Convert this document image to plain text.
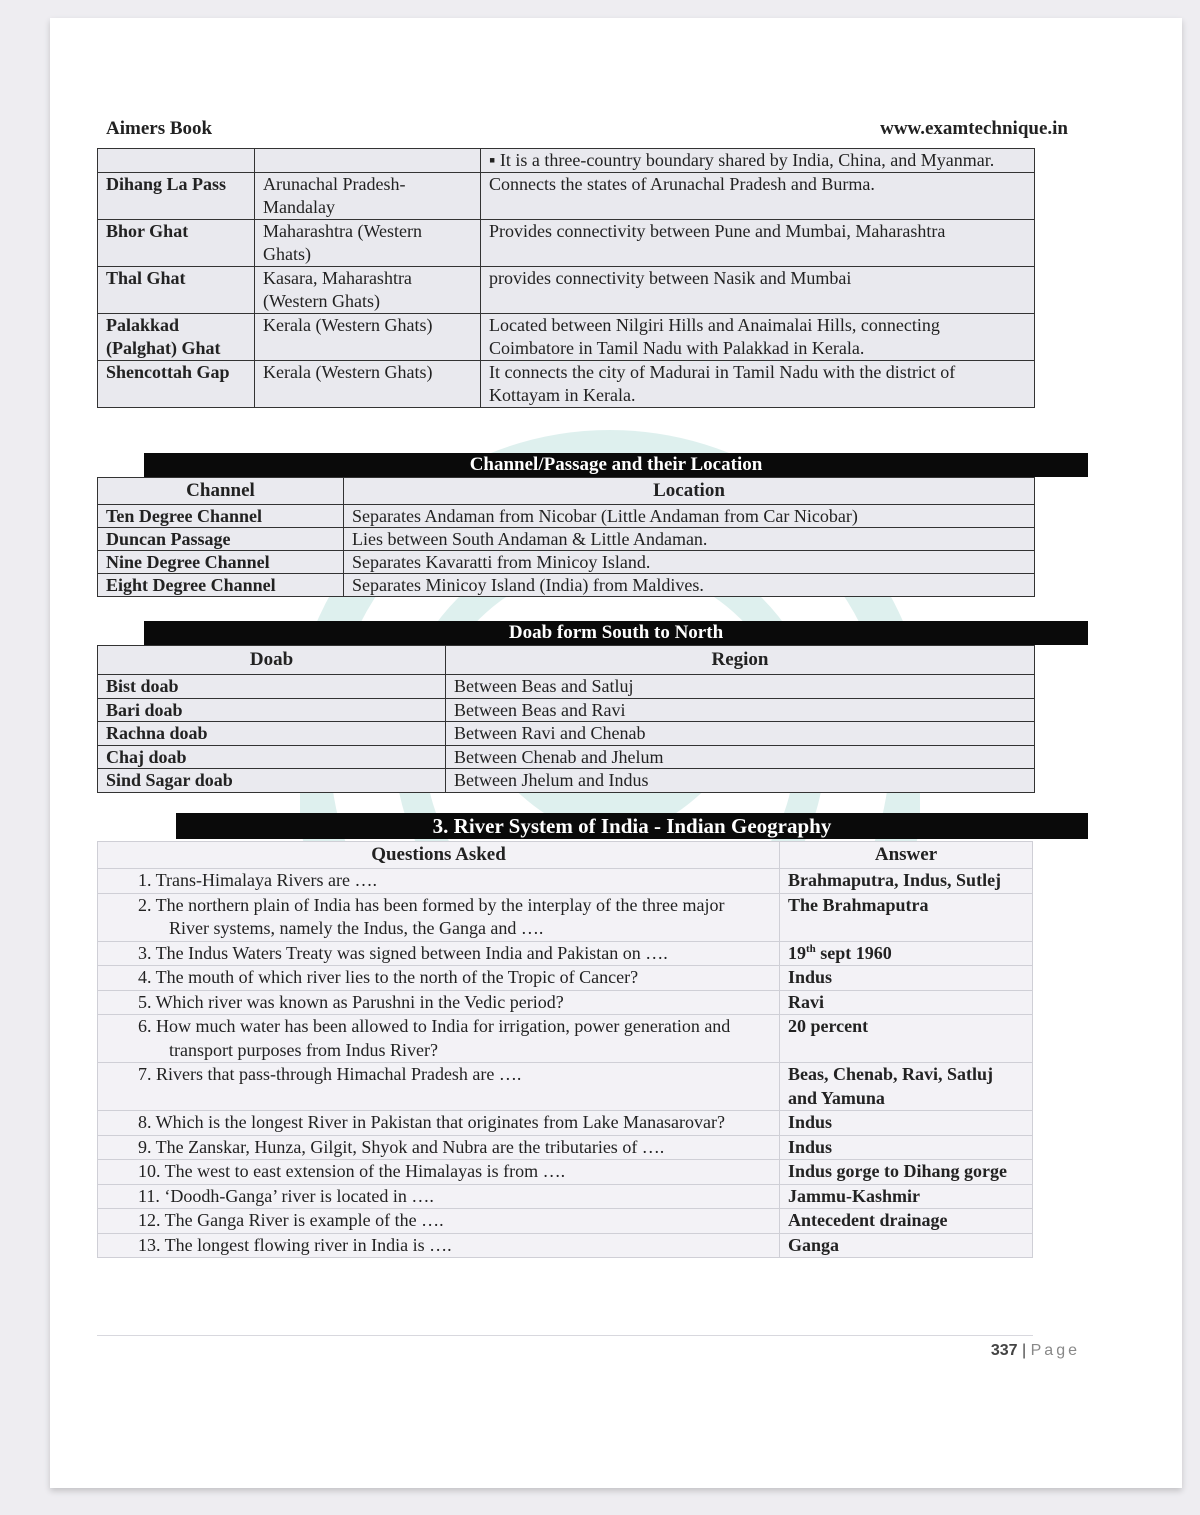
Aimers Book	www.examtechnique.in
		▪ It is a three-country boundary shared by India, China, and Myanmar.
Dihang La Pass	Arunachal Pradesh-Mandalay	Connects the states of Arunachal Pradesh and Burma.
Bhor Ghat	Maharashtra (Western Ghats)	Provides connectivity between Pune and Mumbai, Maharashtra
Thal Ghat	Kasara, Maharashtra (Western Ghats)	provides connectivity between Nasik and Mumbai
Palakkad (Palghat) Ghat	Kerala (Western Ghats)	Located between Nilgiri Hills and Anaimalai Hills, connecting Coimbatore in Tamil Nadu with Palakkad in Kerala.
Shencottah Gap	Kerala (Western Ghats)	It connects the city of Madurai in Tamil Nadu with the district of Kottayam in Kerala.
Channel/Passage and their Location
Channel	Location
Ten Degree Channel	Separates Andaman from Nicobar (Little Andaman from Car Nicobar)
Duncan Passage	Lies between South Andaman & Little Andaman.
Nine Degree Channel	Separates Kavaratti from Minicoy Island.
Eight Degree Channel	Separates Minicoy Island (India) from Maldives.
Doab form South to North
Doab	Region
Bist doab	Between Beas and Satluj
Bari doab	Between Beas and Ravi
Rachna doab	Between Ravi and Chenab
Chaj doab	Between Chenab and Jhelum
Sind Sagar doab	Between Jhelum and Indus
3. River System of India - Indian Geography
Questions Asked	Answer

1. Trans-Himalaya Rivers are ….	Brahmaputra, Indus, Sutlej

2. The northern plain of India has been formed by the interplay of the three major River systems, namely the Indus, the Ganga and ….	The Brahmaputra

3. The Indus Waters Treaty was signed between India and Pakistan on ….	19th sept 1960

4. The mouth of which river lies to the north of the Tropic of Cancer?	Indus

5. Which river was known as Parushni in the Vedic period?	Ravi

6. How much water has been allowed to India for irrigation, power generation and transport purposes from Indus River?	20 percent

7. Rivers that pass-through Himachal Pradesh are ….	Beas, Chenab, Ravi, Satluj and Yamuna

8. Which is the longest River in Pakistan that originates from Lake Manasarovar?	Indus

9. The Zanskar, Hunza, Gilgit, Shyok and Nubra are the tributaries of ….	Indus

10. The west to east extension of the Himalayas is from ….	Indus gorge to Dihang gorge

11. ‘Doodh-Ganga’ river is located in ….	Jammu-Kashmir

12. The Ganga River is example of the ….	Antecedent drainage

13. The longest flowing river in India is ….	Ganga
337 | Page
